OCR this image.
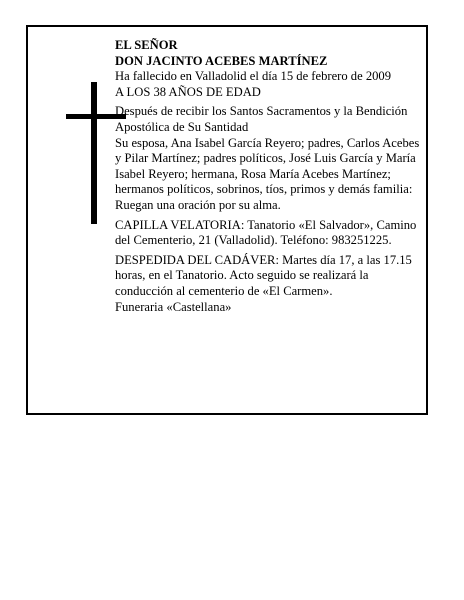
EL SEÑOR

DON JACINTO ACEBES MARTÍNEZ

Ha fallecido en Valladolid el día 15 de febrero de 2009

A LOS 38 AÑOS DE EDAD

Después de recibir los Santos Sacramentos y la Bendición Apostólica de Su Santidad

Su esposa, Ana Isabel García Reyero; padres, Carlos Acebes y Pilar Martínez; padres políticos, José Luis García y María Isabel Reyero; hermana, Rosa María Acebes Martínez; hermanos políticos, sobrinos, tíos, primos y demás familia:

Ruegan una oración por su alma.

CAPILLA VELATORIA: Tanatorio «El Salvador», Camino del Cementerio, 21 (Valladolid). Teléfono: 983251225.

DESPEDIDA DEL CADÁVER: Martes día 17, a las 17.15 horas, en el Tanatorio. Acto seguido se realizará la conducción al cementerio de «El Carmen».

Funeraria «Castellana»
